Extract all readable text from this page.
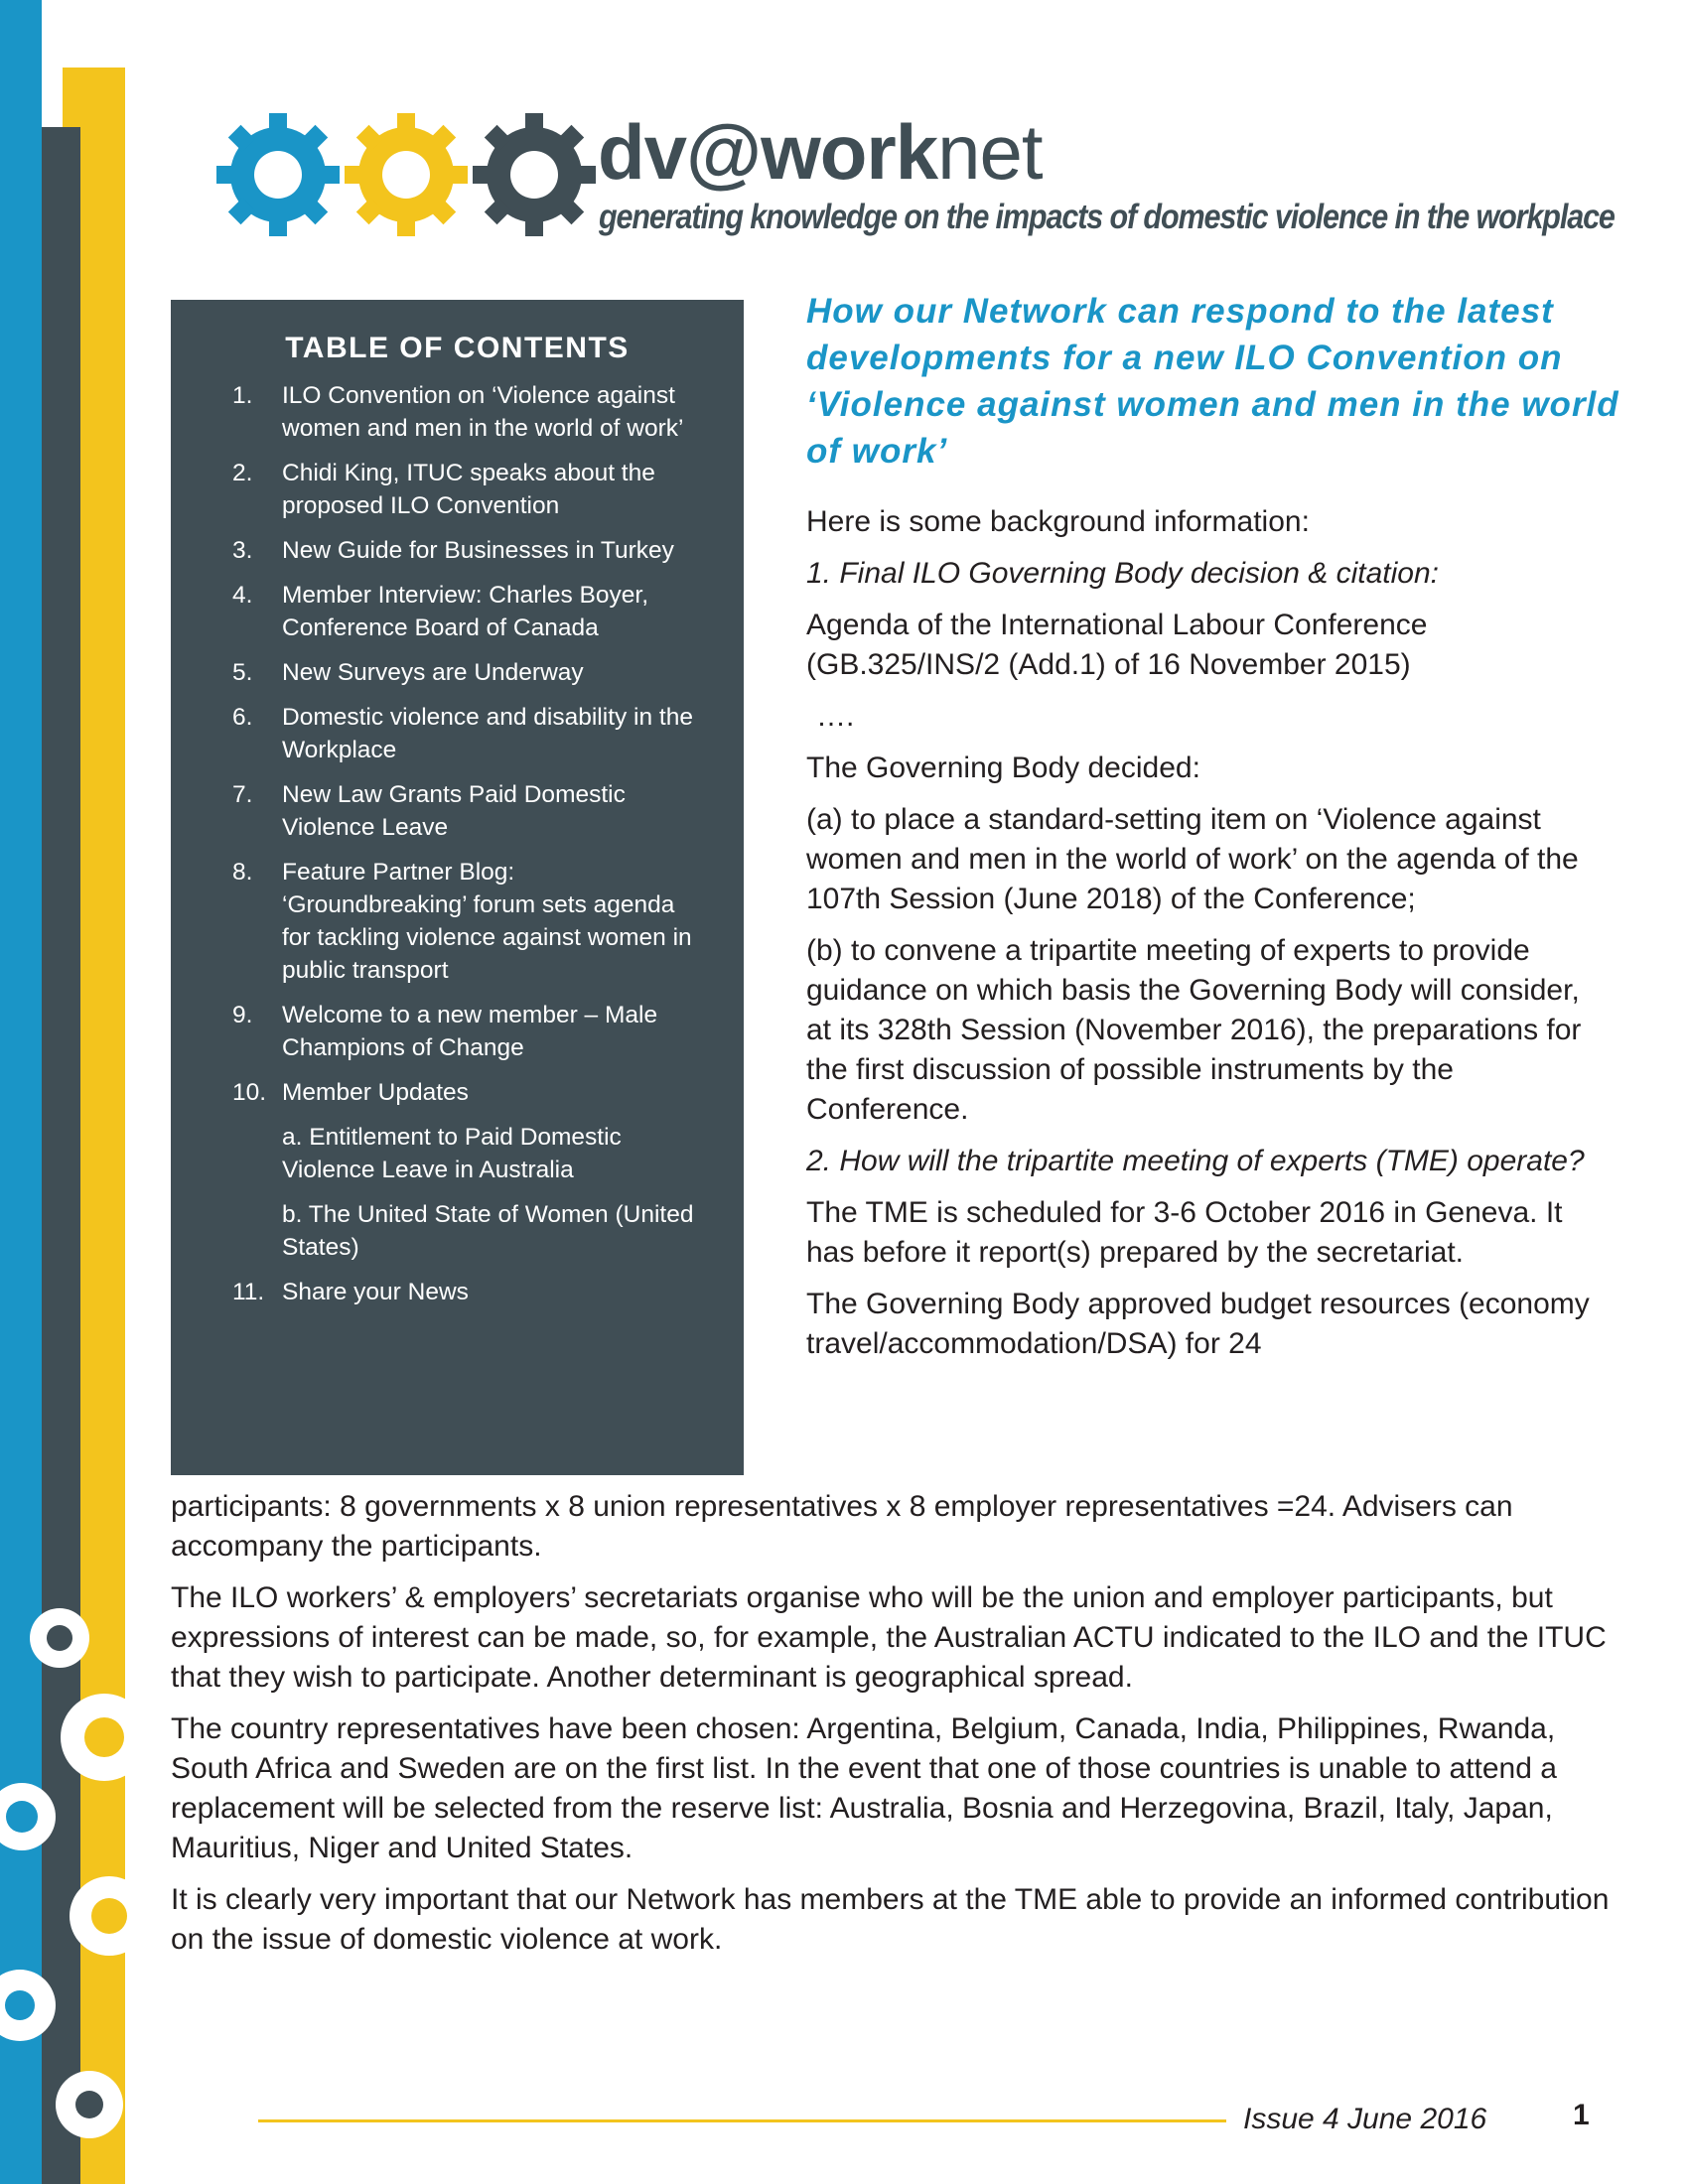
dv@worknet
generating knowledge on the impacts of domestic violence in the workplace
TABLE OF CONTENTS
1. ILO Convention on ‘Violence against women and men in the world of work’
2. Chidi King, ITUC speaks about the proposed ILO Convention
3. New Guide for Businesses in Turkey
4. Member Interview: Charles Boyer, Conference Board of Canada
5. New Surveys are Underway
6. Domestic violence and disability in the Workplace
7. New Law Grants Paid Domestic Violence Leave
8. Feature Partner Blog: ‘Groundbreaking’ forum sets agenda for tackling violence against women in public transport
9. Welcome to a new member – Male Champions of Change
10. Member Updates
a. Entitlement to Paid Domestic Violence Leave in Australia
b. The United State of Women (United States)
11. Share your News
How our Network can respond to the latest developments for a new ILO Convention on ‘Violence against women and men in the world of work’

Here is some background information:

1. Final ILO Governing Body decision & citation:

Agenda of the International Labour Conference (GB.325/INS/2 (Add.1) of 16 November 2015)

….

The Governing Body decided:

(a) to place a standard-setting item on ‘Violence against women and men in the world of work’ on the agenda of the 107th Session (June 2018) of the Conference;

(b) to convene a tripartite meeting of experts to provide guidance on which basis the Governing Body will consider, at its 328th Session (November 2016), the preparations for the first discussion of possible instruments by the Conference.

2. How will the tripartite meeting of experts (TME) operate?

The TME is scheduled for 3-6 October 2016 in Geneva. It has before it report(s) prepared by the secretariat.

The Governing Body approved budget resources (economy travel/accommodation/DSA) for 24

participants: 8 governments x 8 union representatives x 8 employer representatives =24. Advisers can accompany the participants.

The ILO workers’ & employers’ secretariats organise who will be the union and employer participants, but expressions of interest can be made, so, for example, the Australian ACTU indicated to the ILO and the ITUC that they wish to participate. Another determinant is geographical spread.

The country representatives have been chosen: Argentina, Belgium, Canada, India, Philippines, Rwanda, South Africa and Sweden are on the first list. In the event that one of those countries is unable to attend a replacement will be selected from the reserve list: Australia, Bosnia and Herzegovina, Brazil, Italy, Japan, Mauritius, Niger and United States.

It is clearly very important that our Network has members at the TME able to provide an informed contribution on the issue of domestic violence at work.

Issue 4 June 2016	1
